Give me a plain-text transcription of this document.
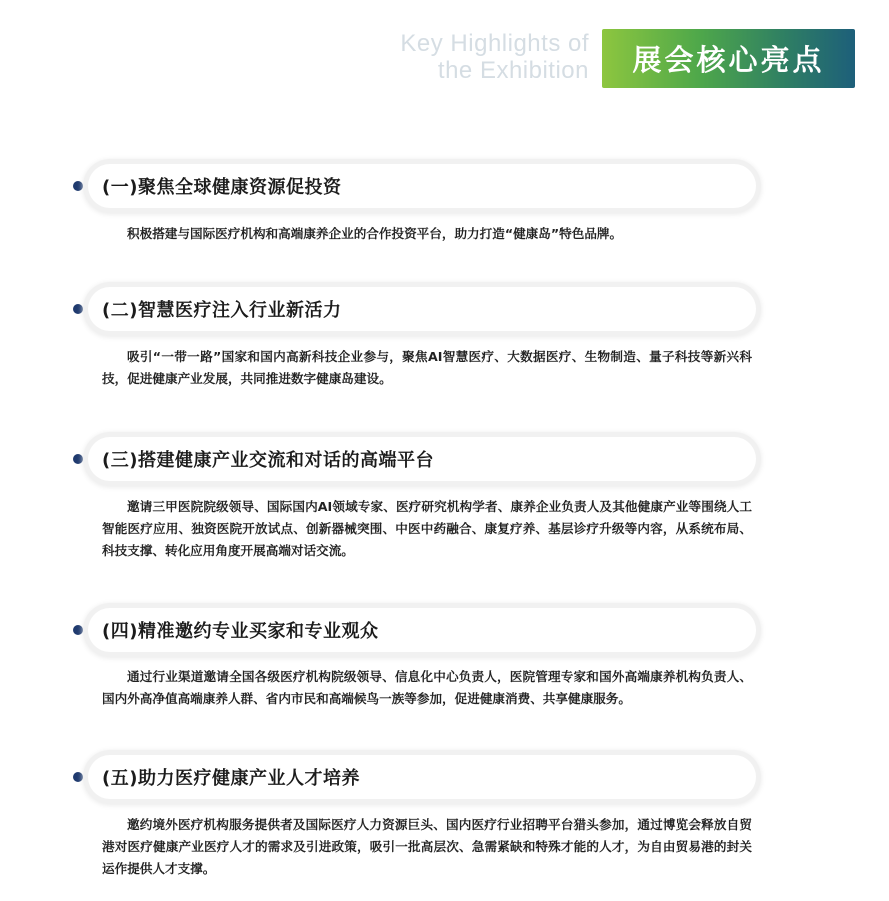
Key Highlights of
the Exhibition	展会核心亮点
(一)聚焦全球健康资源促投资
积极搭建与国际医疗机构和高端康养企业的合作投资平台，助力打造“健康岛”特色品牌。
(二)智慧医疗注入行业新活力
吸引“一带一路”国家和国内高新科技企业参与，聚焦AI智慧医疗、大数据医疗、生物制造、量子科技等新兴科技，促进健康产业发展，共同推进数字健康岛建设。
(三)搭建健康产业交流和对话的高端平台
邀请三甲医院院级领导、国际国内AI领域专家、医疗研究机构学者、康养企业负责人及其他健康产业等围绕人工智能医疗应用、独资医院开放试点、创新器械突围、中医中药融合、康复疗养、基层诊疗升级等内容，从系统布局、科技支撑、转化应用角度开展高端对话交流。
(四)精准邀约专业买家和专业观众
通过行业渠道邀请全国各级医疗机构院级领导、信息化中心负责人，医院管理专家和国外高端康养机构负责人、国内外高净值高端康养人群、省内市民和高端候鸟一族等参加，促进健康消费、共享健康服务。
(五)助力医疗健康产业人才培养
邀约境外医疗机构服务提供者及国际医疗人力资源巨头、国内医疗行业招聘平台猎头参加，通过博览会释放自贸港对医疗健康产业医疗人才的需求及引进政策，吸引一批高层次、急需紧缺和特殊才能的人才，为自由贸易港的封关运作提供人才支撑。
